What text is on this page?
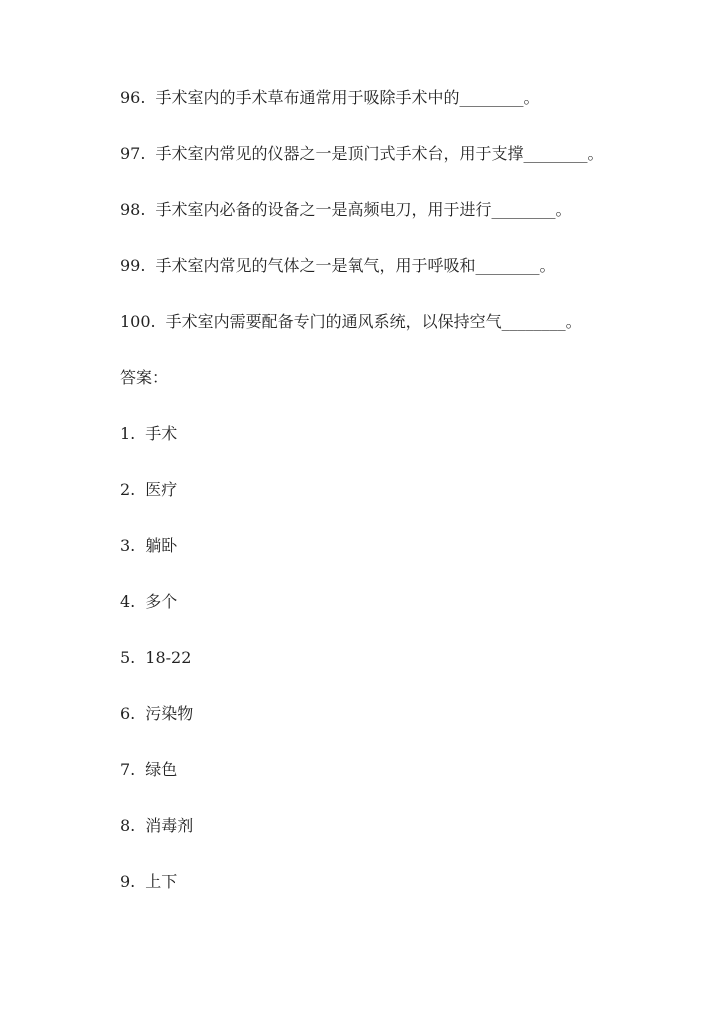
96. 手术室内的手术草布通常用于吸除手术中的________。
97. 手术室内常见的仪器之一是顶门式手术台，用于支撑________。
98. 手术室内必备的设备之一是高频电刀，用于进行________。
99. 手术室内常见的气体之一是氧气，用于呼吸和________。
100. 手术室内需要配备专门的通风系统，以保持空气________。
答案：
1. 手术
2. 医疗
3. 躺卧
4. 多个
5. 18-22
6. 污染物
7. 绿色
8. 消毒剂
9. 上下
